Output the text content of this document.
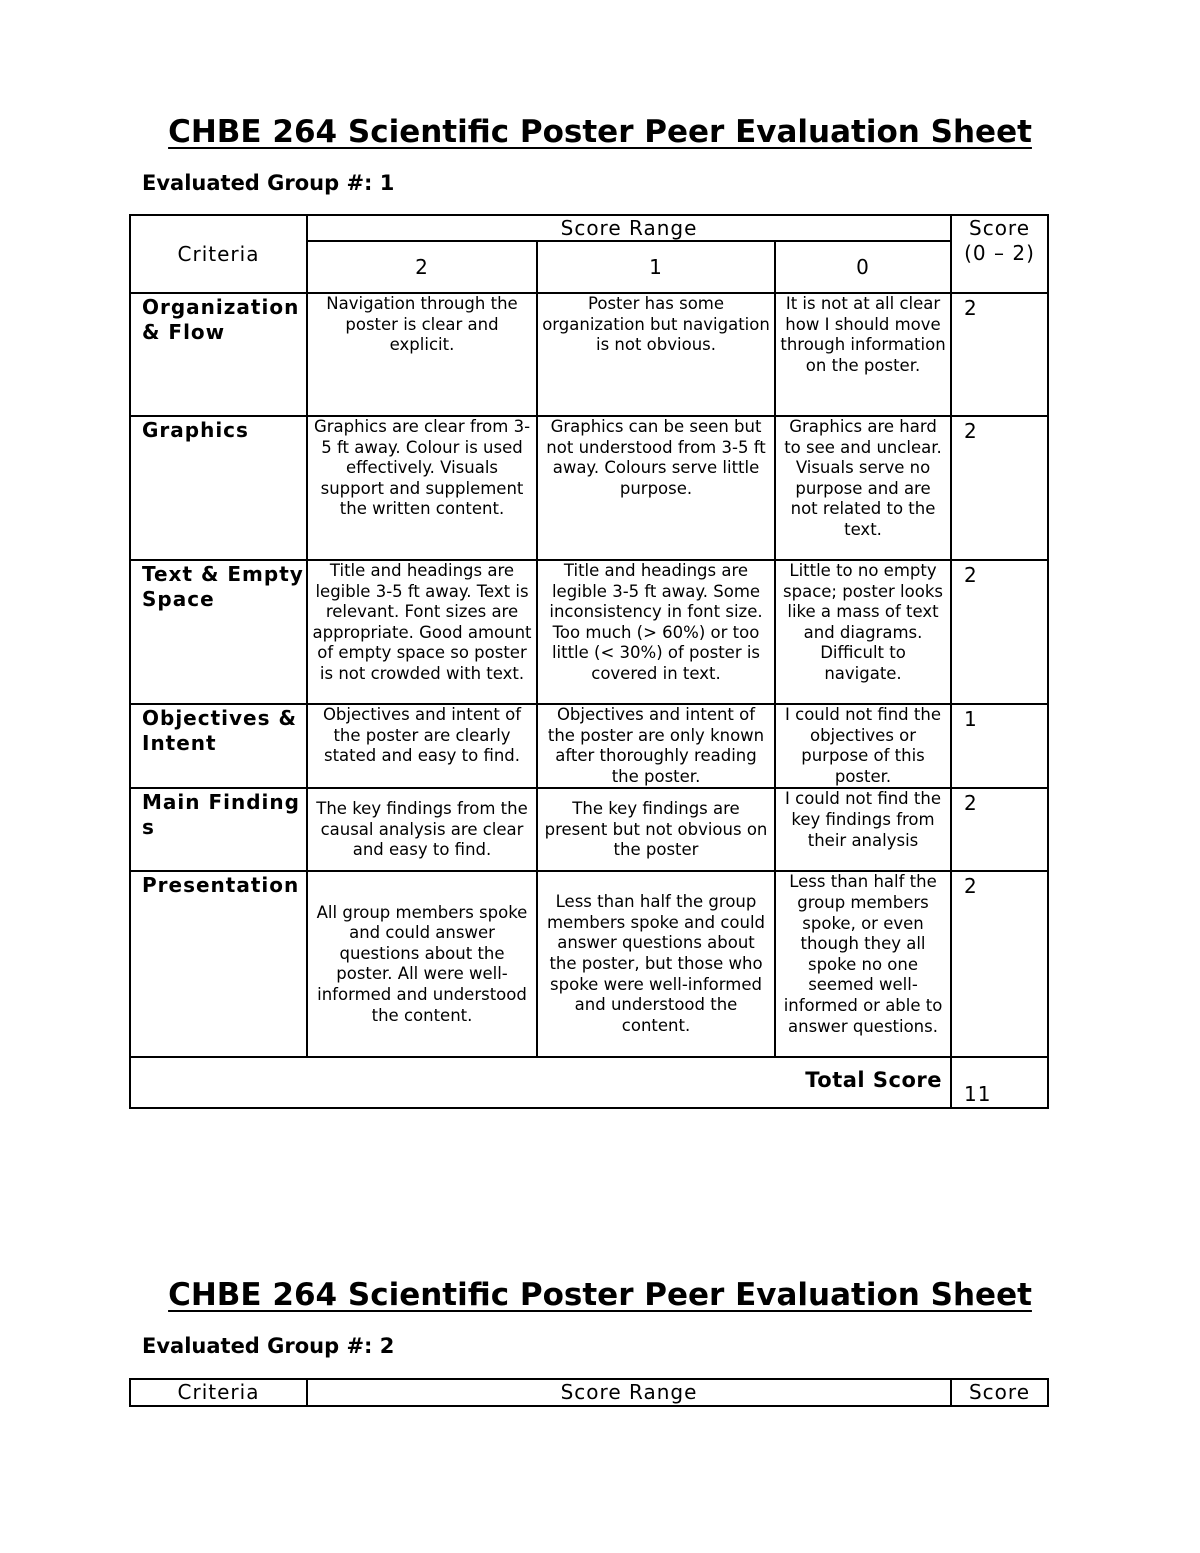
CHBE 264 Scientific Poster Peer Evaluation Sheet

Evaluated Group #: 1

Criteria	Score Range			Score (0 – 2)
	2	1	0	
Organization & Flow	Navigation through the poster is clear and explicit.	Poster has some organization but navigation is not obvious.	It is not at all clear how I should move through information on the poster.	2
Graphics	Graphics are clear from 3-5 ft away. Colour is used effectively. Visuals support and supplement the written content.	Graphics can be seen but not understood from 3-5 ft away. Colours serve little purpose.	Graphics are hard to see and unclear. Visuals serve no purpose and are not related to the text.	2
Text & Empty Space	Title and headings are legible 3-5 ft away. Text is relevant. Font sizes are appropriate. Good amount of empty space so poster is not crowded with text.	Title and headings are legible 3-5 ft away. Some inconsistency in font size. Too much (> 60%) or too little (< 30%) of poster is covered in text.	Little to no empty space; poster looks like a mass of text and diagrams. Difficult to navigate.	2
Objectives & Intent	Objectives and intent of the poster are clearly stated and easy to find.	Objectives and intent of the poster are only known after thoroughly reading the poster.	I could not find the objectives or purpose of this poster.	1
Main Findings	The key findings from the causal analysis are clear and easy to find.	The key findings are present but not obvious on the poster	I could not find the key findings from their analysis	2
Presentation	All group members spoke and could answer questions about the poster. All were well-informed and understood the content.	Less than half the group members spoke and could answer questions about the poster, but those who spoke were well-informed and understood the content.	Less than half the group members spoke, or even though they all spoke no one seemed well-informed or able to answer questions.	2
Total Score				11
CHBE 264 Scientific Poster Peer Evaluation Sheet

Evaluated Group #: 2

Criteria	Score Range	Score
